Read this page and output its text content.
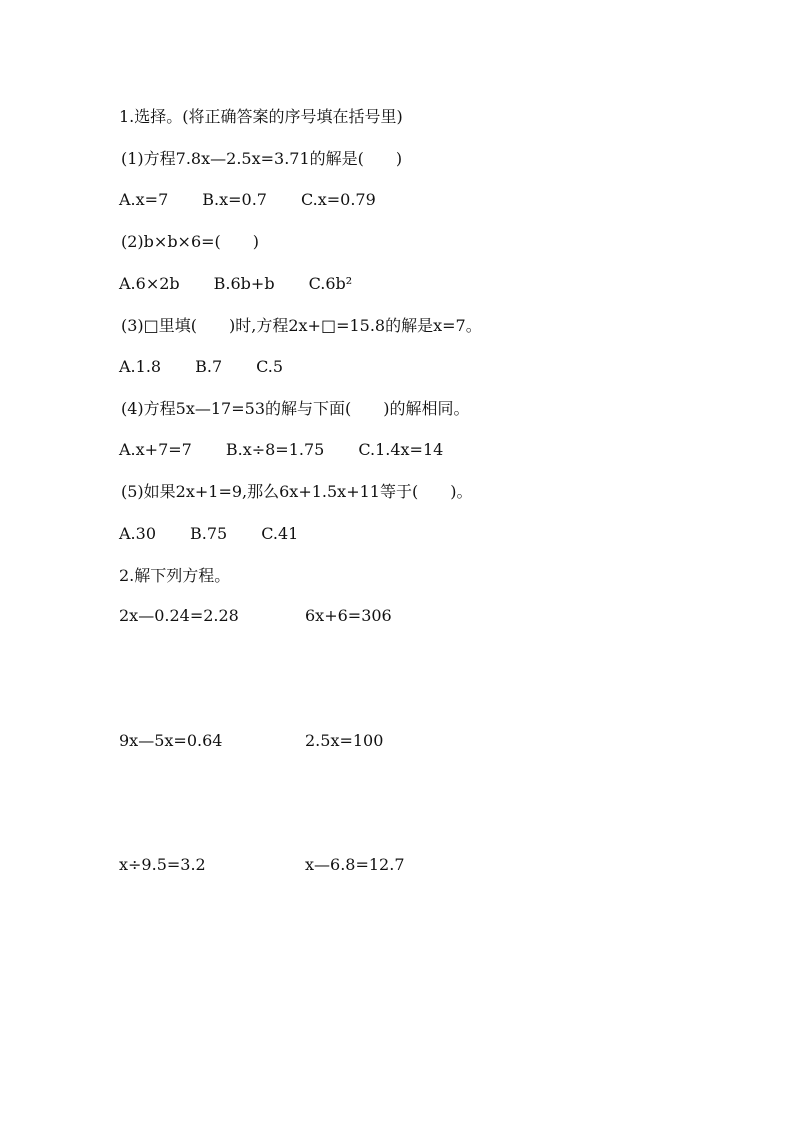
1.选择。(将正确答案的序号填在括号里)
(1)方程7.8x—2.5x=3.71的解是(　　)
A.x=7 B.x=0.7 C.x=0.79
(2)b×b×6=(　　)
A.6×2b B.6b+b C.6b²
(3)□里填(　　)时,方程2x+□=15.8的解是x=7。
A.1.8 B.7 C.5
(4)方程5x—17=53的解与下面(　　)的解相同。
A.x+7=7 B.x÷8=1.75 C.1.4x=14
(5)如果2x+1=9,那么6x+1.5x+11等于(　　)。
A.30 B.75 C.41
2.解下列方程。
2x—0.24=2.28	6x+6=306
9x—5x=0.64	2.5x=100
x÷9.5=3.2	x—6.8=12.7
